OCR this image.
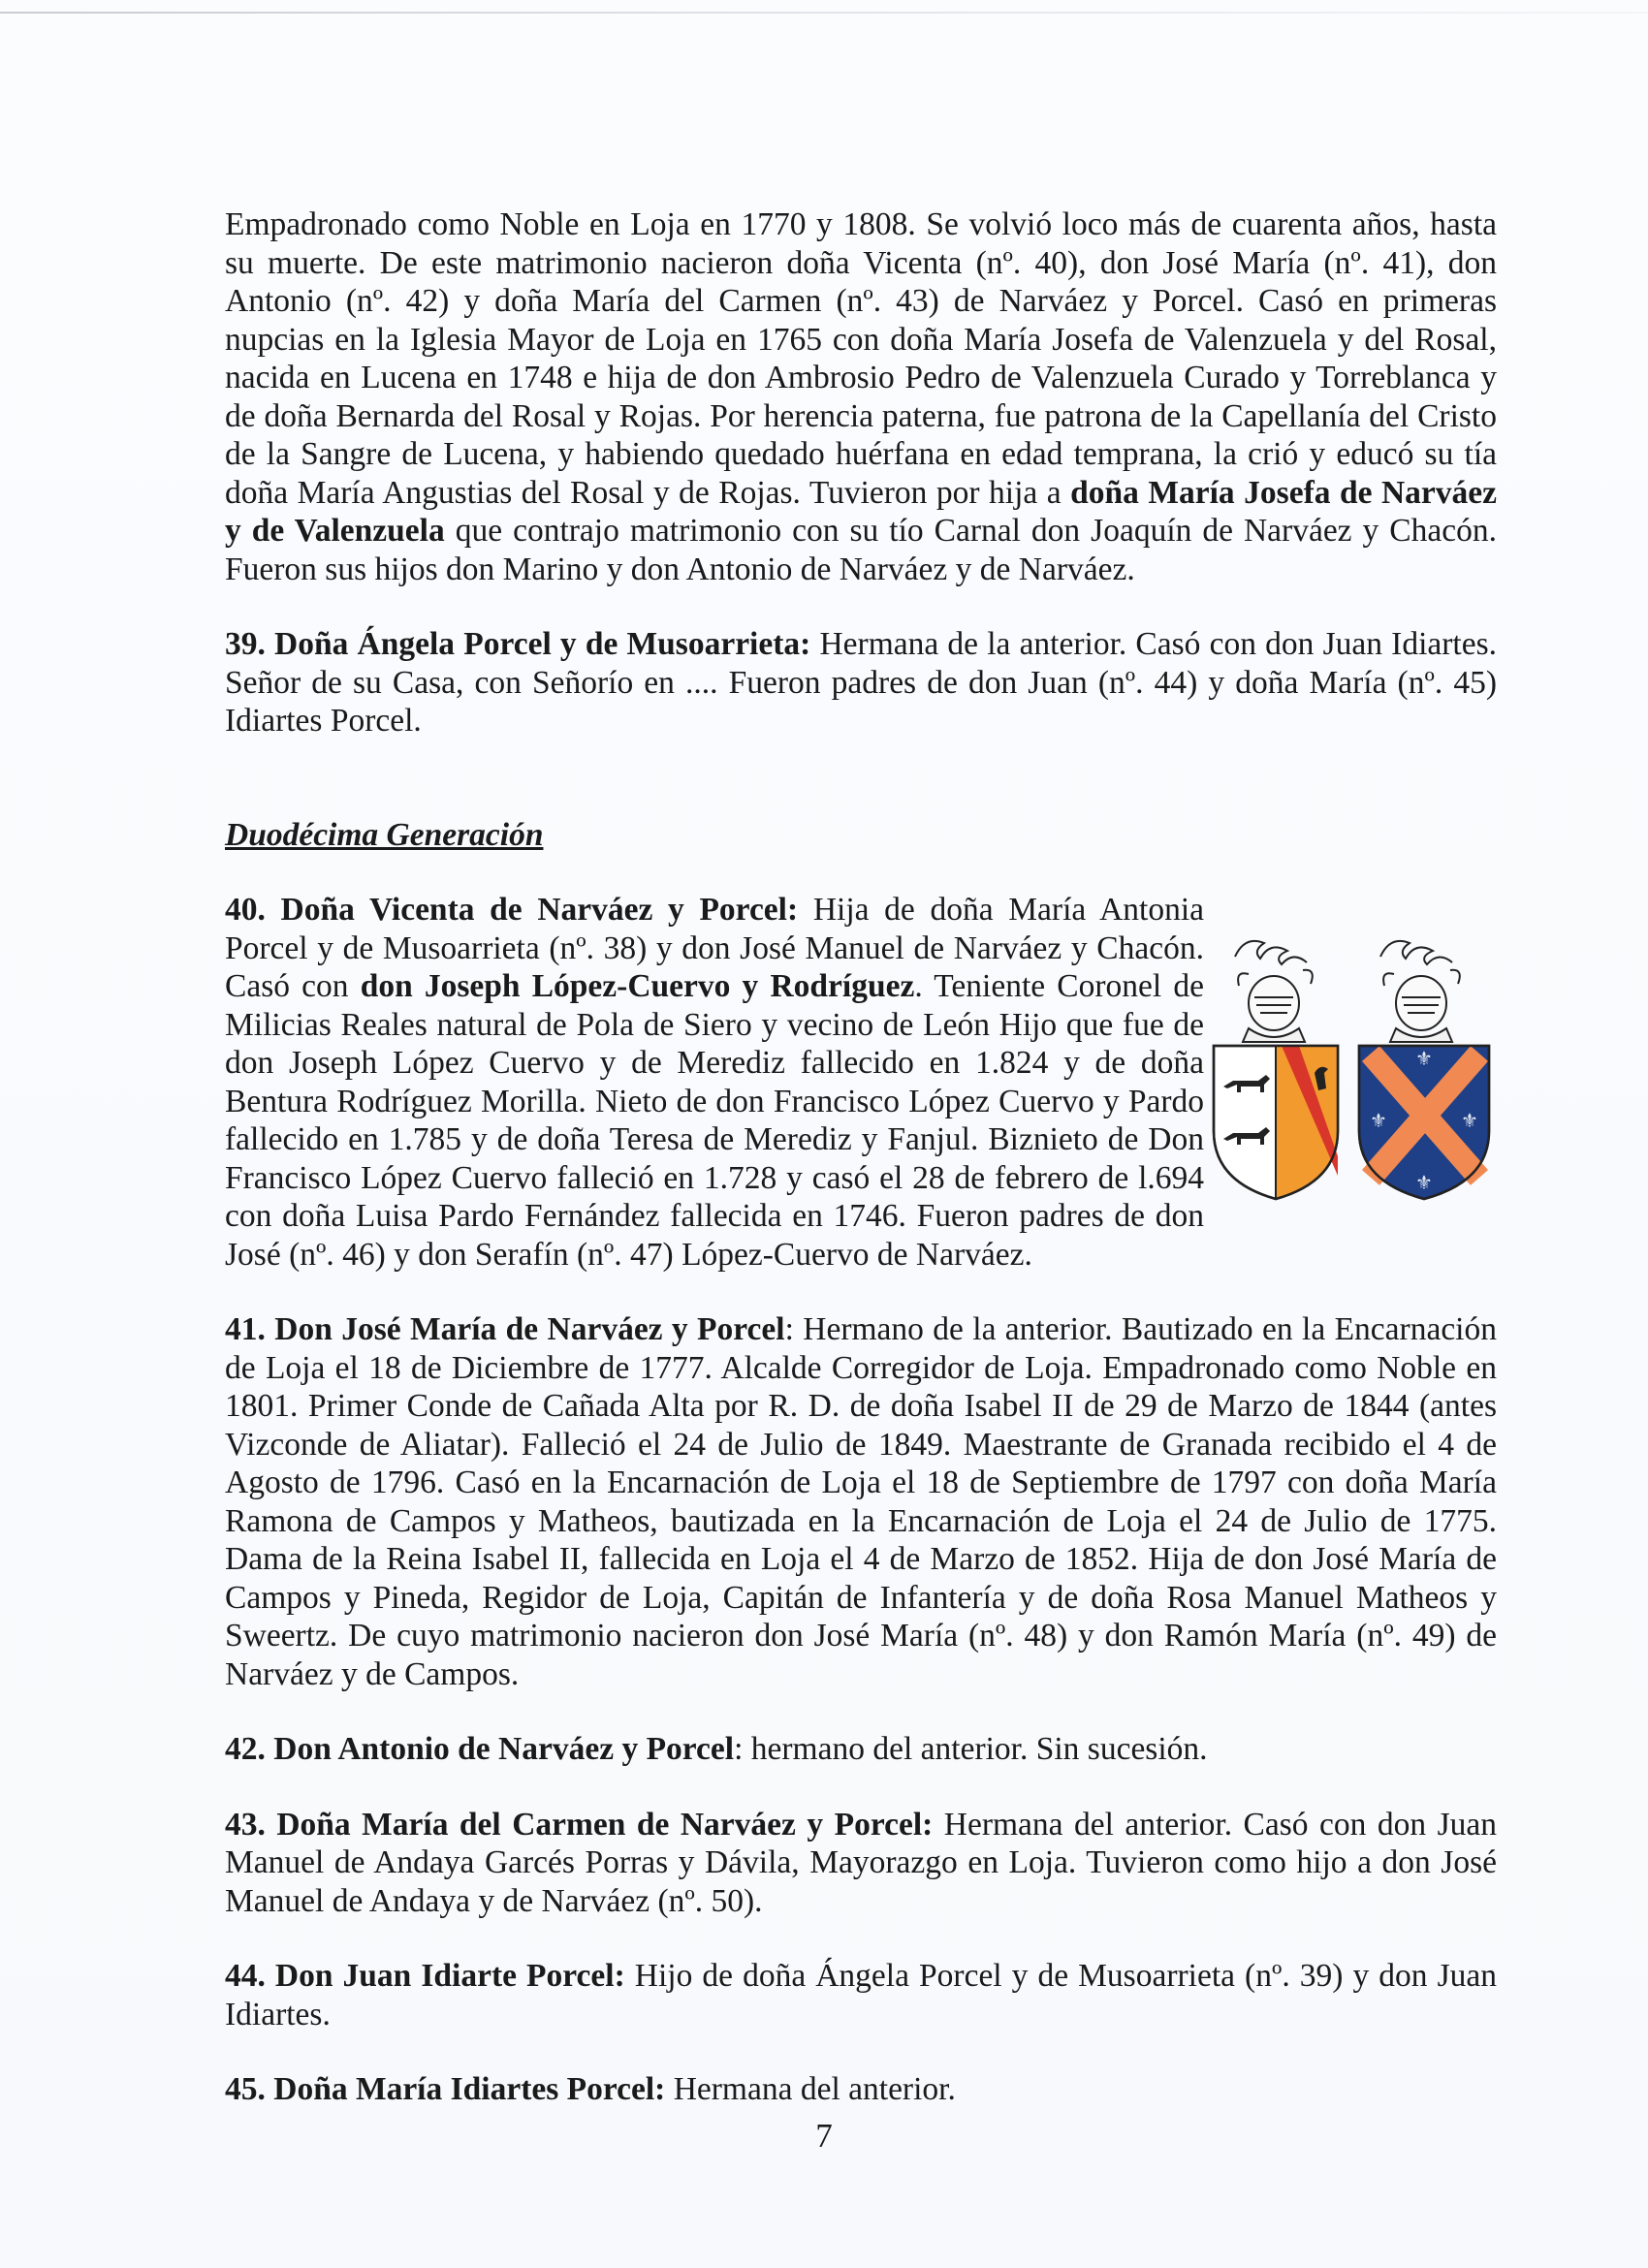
Empadronado como Noble en Loja en 1770 y 1808. Se volvió loco más de cuarenta años, hasta su muerte. De este matrimonio nacieron doña Vicenta (nº. 40), don José María (nº. 41), don Antonio (nº. 42) y doña María del Carmen (nº. 43) de Narváez y Porcel. Casó en primeras nupcias en la Iglesia Mayor de Loja en 1765 con doña María Josefa de Valenzuela y del Rosal, nacida en Lucena en 1748 e hija de don Ambrosio Pedro de Valenzuela Curado y Torreblanca y de doña Bernarda del Rosal y Rojas. Por herencia paterna, fue patrona de la Capellanía del Cristo de la Sangre de Lucena, y habiendo quedado huérfana en edad temprana, la crió y educó su tía doña María Angustias del Rosal y de Rojas. Tuvieron por hija a doña María Josefa de Narváez y de Valenzuela que contrajo matrimonio con su tío Carnal don Joaquín de Narváez y Chacón. Fueron sus hijos don Marino y don Antonio de Narváez y de Narváez.

39. Doña Ángela Porcel y de Musoarrieta: Hermana de la anterior. Casó con don Juan Idiartes. Señor de su Casa, con Señorío en .... Fueron padres de don Juan (nº. 44) y doña María (nº. 45) Idiartes Porcel.

Duodécima Generación

40. Doña Vicenta de Narváez y Porcel: Hija de doña María Antonia Porcel y de Musoarrieta (nº. 38) y don José Manuel de Narváez y Chacón. Casó con don Joseph López-Cuervo y Rodríguez. Teniente Coronel de Milicias Reales natural de Pola de Siero y vecino de León Hijo que fue de don Joseph López Cuervo y de Merediz fallecido en 1.824 y de doña Bentura Rodríguez Morilla. Nieto de don Francisco López Cuervo y Pardo fallecido en 1.785 y de doña Teresa de Merediz y Fanjul. Biznieto de Don Francisco López Cuervo falleció en 1.728 y casó el 28 de febrero de l.694 con doña Luisa Pardo Fernández fallecida en 1746. Fueron padres de don José (nº. 46) y don Serafín (nº. 47) López-Cuervo de Narváez.

⚜
⚜	⚜
⚜

41. Don José María de Narváez y Porcel: Hermano de la anterior. Bautizado en la Encarnación de Loja el 18 de Diciembre de 1777. Alcalde Corregidor de Loja. Empadronado como Noble en 1801. Primer Conde de Cañada Alta por R. D. de doña Isabel II de 29 de Marzo de 1844 (antes Vizconde de Aliatar). Falleció el 24 de Julio de 1849. Maestrante de Granada recibido el 4 de Agosto de 1796. Casó en la Encarnación de Loja el 18 de Septiembre de 1797 con doña María Ramona de Campos y Matheos, bautizada en la Encarnación de Loja el 24 de Julio de 1775. Dama de la Reina Isabel II, fallecida en Loja el 4 de Marzo de 1852. Hija de don José María de Campos y Pineda, Regidor de Loja, Capitán de Infantería y de doña Rosa Manuel Matheos y Sweertz. De cuyo matrimonio nacieron don José María (nº. 48) y don Ramón María (nº. 49) de Narváez y de Campos.

42. Don Antonio de Narváez y Porcel: hermano del anterior. Sin sucesión.

43. Doña María del Carmen de Narváez y Porcel: Hermana del anterior. Casó con don Juan Manuel de Andaya Garcés Porras y Dávila, Mayorazgo en Loja. Tuvieron como hijo a don José Manuel de Andaya y de Narváez (nº. 50).

44. Don Juan Idiarte Porcel: Hijo de doña Ángela Porcel y de Musoarrieta (nº. 39) y don Juan Idiartes.

45. Doña María Idiartes Porcel: Hermana del anterior.

7
